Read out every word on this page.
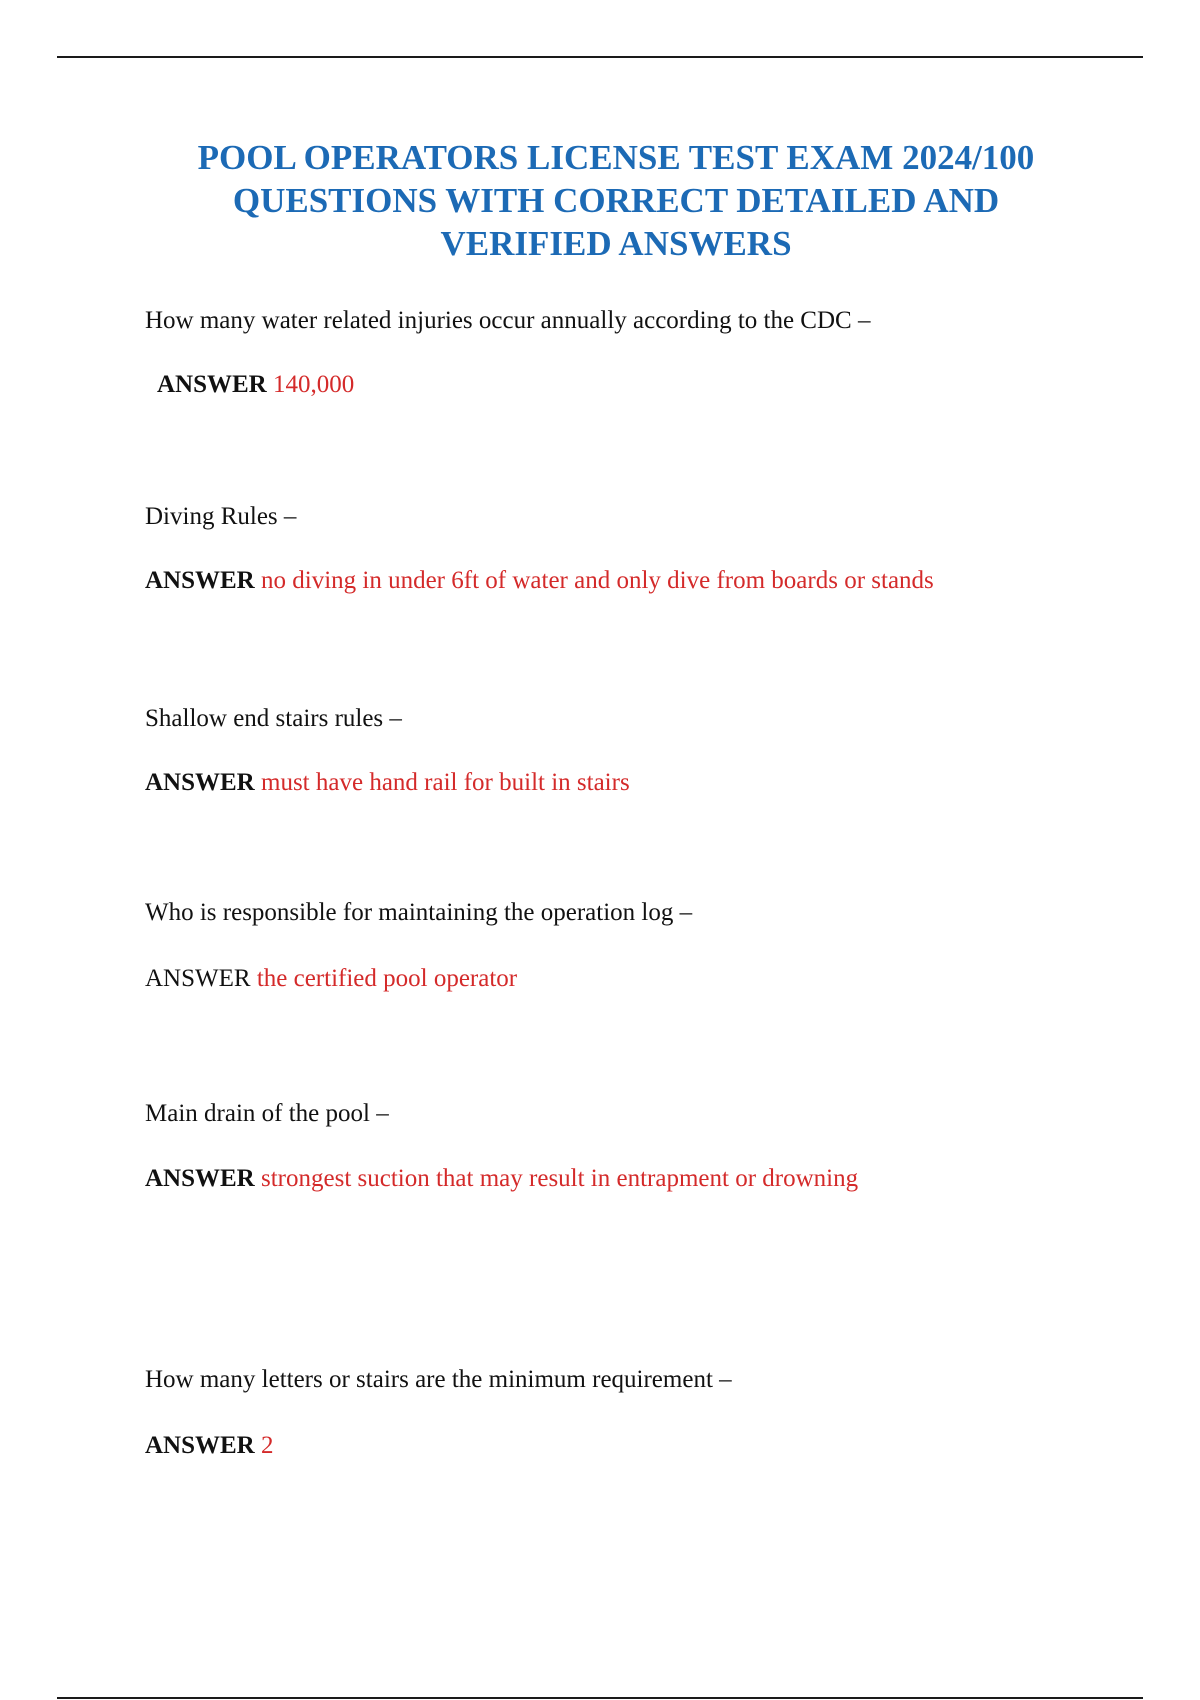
POOL OPERATORS LICENSE TEST EXAM 2024/100
QUESTIONS WITH CORRECT DETAILED AND
VERIFIED ANSWERS

How many water related injuries occur annually according to the CDC –

ANSWER 140,000

Diving Rules –

ANSWER no diving in under 6ft of water and only dive from boards or stands

Shallow end stairs rules –

ANSWER must have hand rail for built in stairs

Who is responsible for maintaining the operation log –

ANSWER the certified pool operator

Main drain of the pool –

ANSWER strongest suction that may result in entrapment or drowning

How many letters or stairs are the minimum requirement –

ANSWER 2
